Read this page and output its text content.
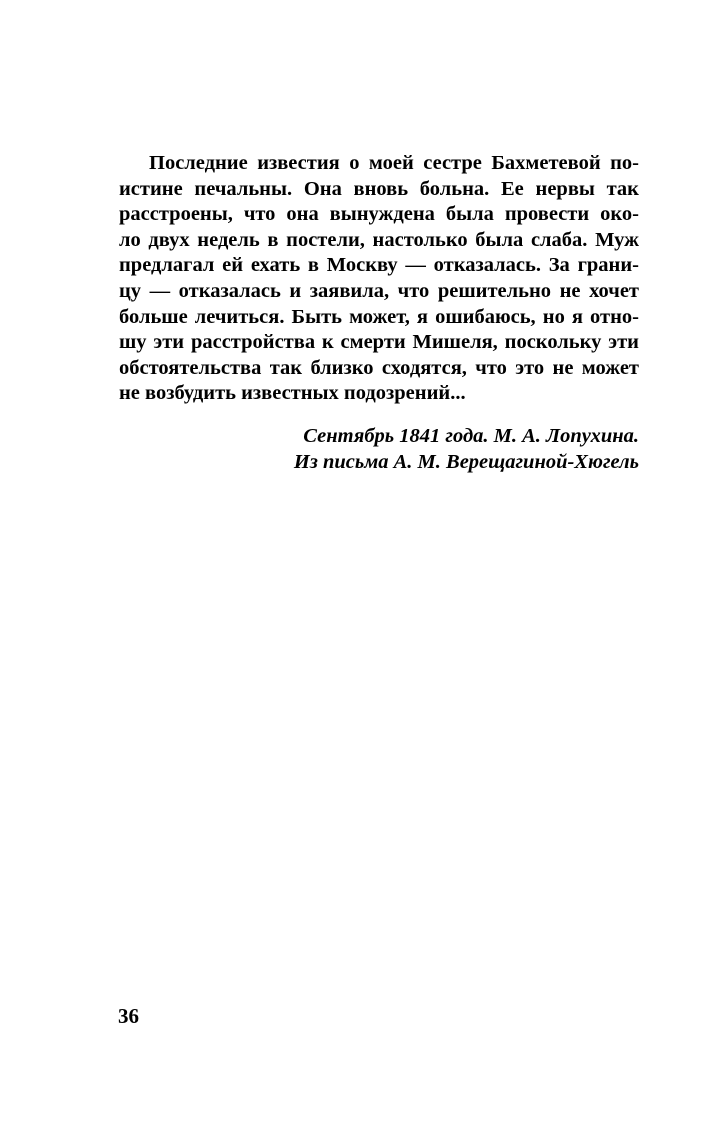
Последние известия о моей сестре Бахметевой по-
истине печальны. Она вновь больна. Ее нервы так
расстроены, что она вынуждена была провести око-
ло двух недель в постели, настолько была слаба. Муж
предлагал ей ехать в Москву — отказалась. За грани-
цу — отказалась и заявила, что решительно не хочет
больше лечиться. Быть может, я ошибаюсь, но я отно-
шу эти расстройства к смерти Мишеля, поскольку эти
обстоятельства так близко сходятся, что это не может
не возбудить известных подозрений...
Сентябрь 1841 года. М. А. Лопухина.
Из письма А. М. Верещагиной-Хюгель
36
